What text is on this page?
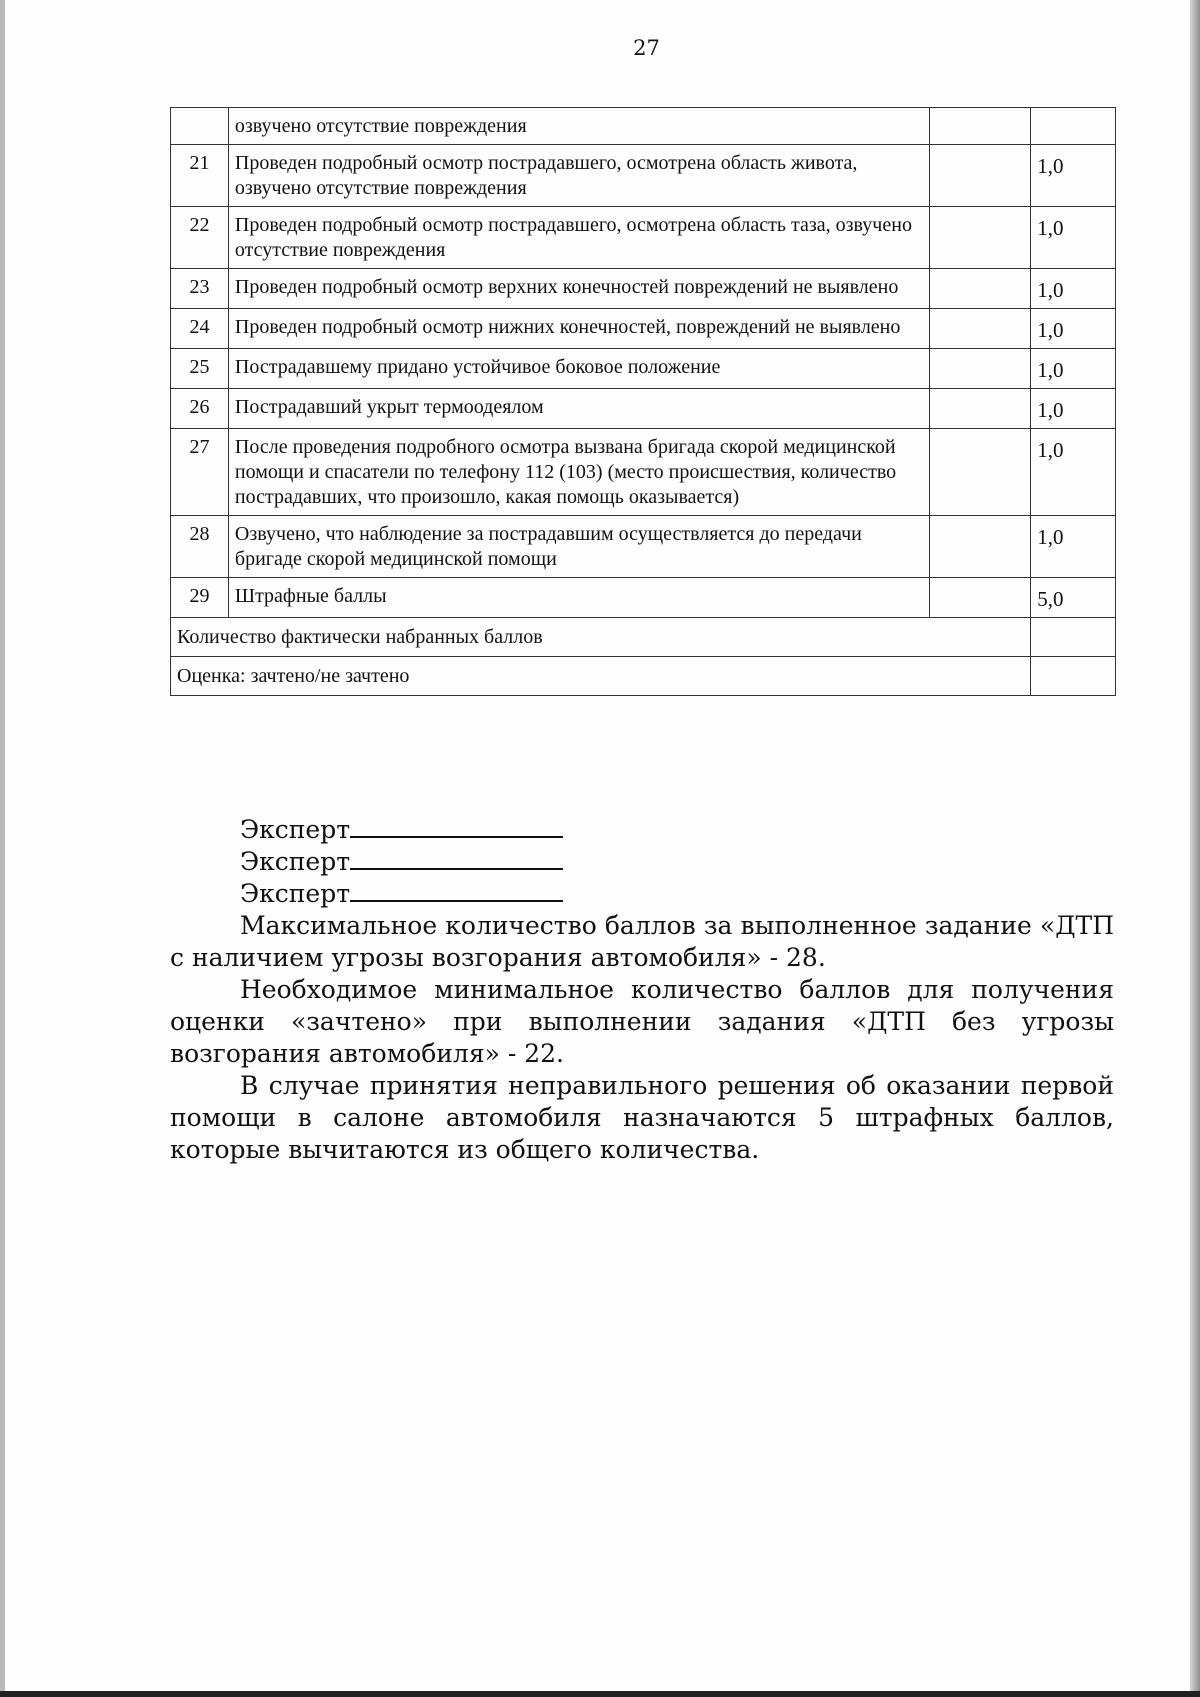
27
	озвучено отсутствие повреждения		
21	Проведен подробный осмотр пострадавшего, осмотрена область живота, озвучено отсутствие повреждения		1,0
22	Проведен подробный осмотр пострадавшего, осмотрена область таза, озвучено отсутствие повреждения		1,0
23	Проведен подробный осмотр верхних конечностей повреждений не выявлено		1,0
24	Проведен подробный осмотр нижних конечностей, повреждений не выявлено		1,0
25	Пострадавшему придано устойчивое боковое положение		1,0
26	Пострадавший укрыт термоодеялом		1,0
27	После проведения подробного осмотра вызвана бригада скорой медицинской помощи и спасатели по телефону 112 (103) (место происшествия, количество пострадавших, что произошло, какая помощь оказывается)		1,0
28	Озвучено, что наблюдение за пострадавшим осуществляется до передачи бригаде скорой медицинской помощи		1,0
29	Штрафные баллы		5,0
Количество фактически набранных баллов			
Оценка: зачтено/не зачтено			
Эксперт
Эксперт
Эксперт

Максимальное количество баллов за выполненное задание «ДТП с наличием угрозы возгорания автомобиля» - 28.

Необходимое минимальное количество баллов для получения оценки «зачтено» при выполнении задания «ДТП без угрозы возгорания автомобиля» - 22.

В случае принятия неправильного решения об оказании первой помощи в салоне автомобиля назначаются 5 штрафных баллов, которые вычитаются из общего количества.
